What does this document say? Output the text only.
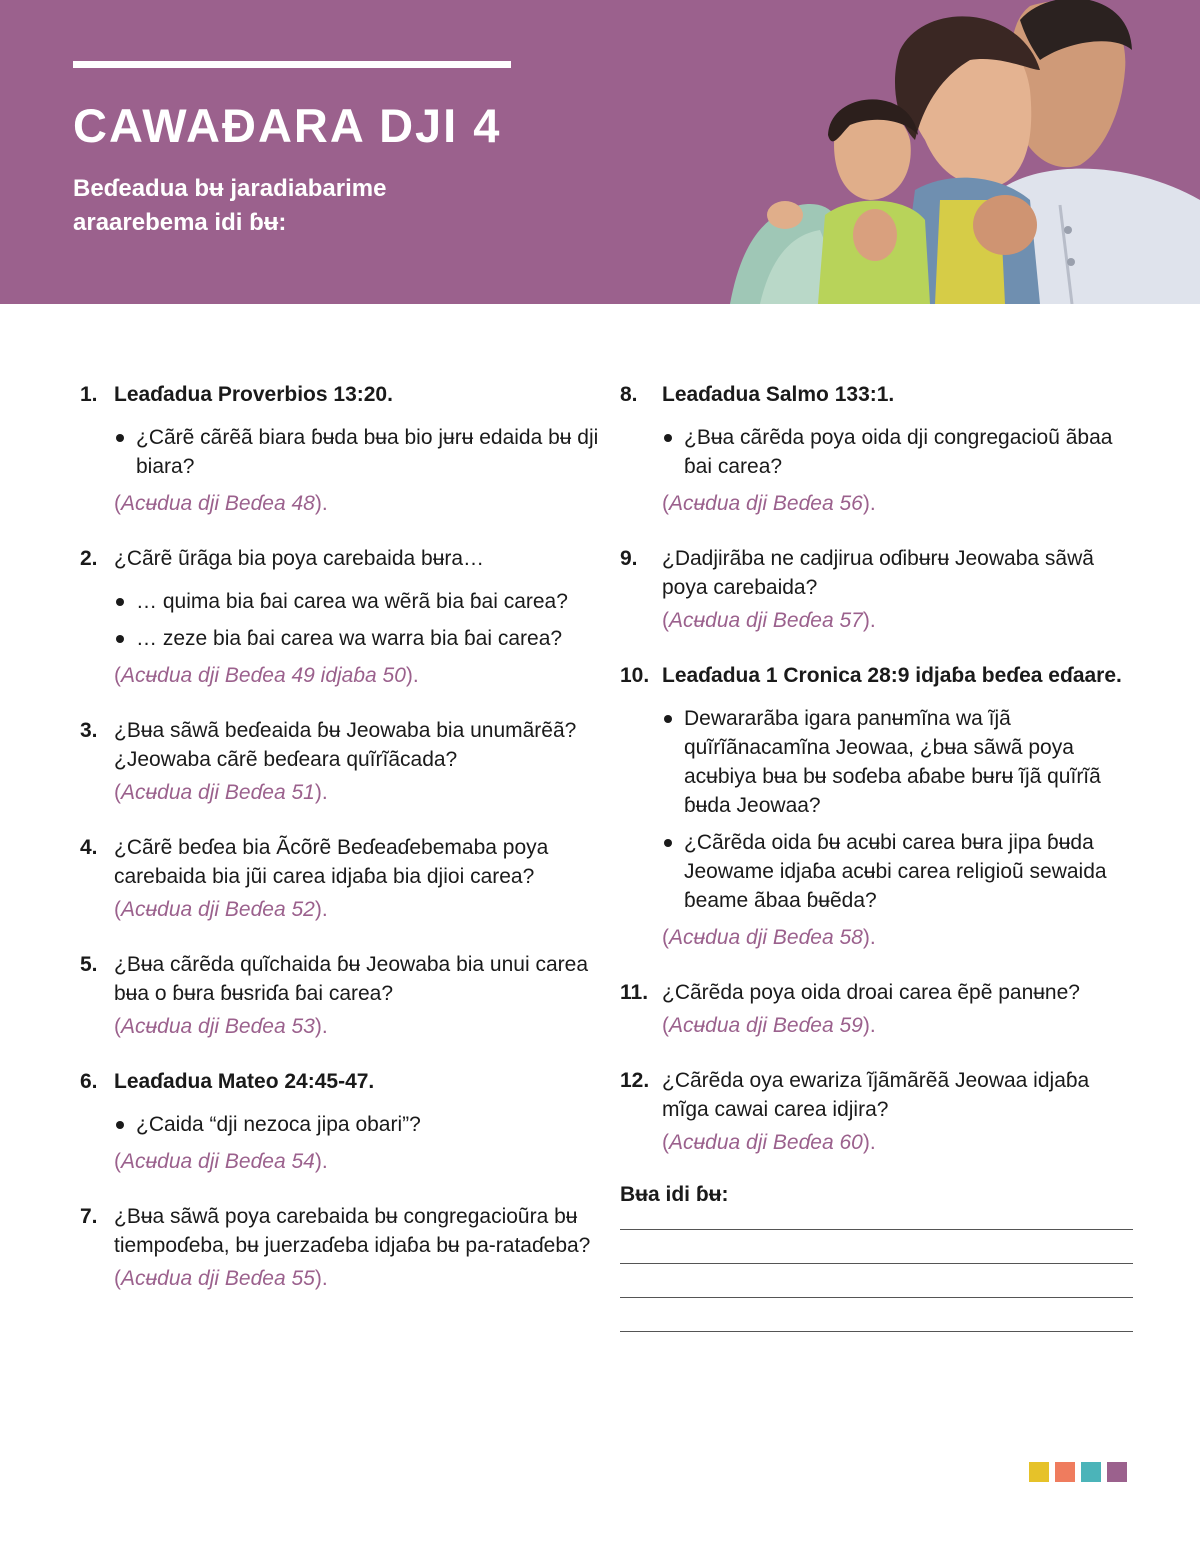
CAWAƉARA DJI 4

Beɗeadua bʉ jaradiabarime
araarebema idi ɓʉ:

1. Leaɗadua Proverbios 13:20.
¿Cãrẽ cãrẽã biara ɓʉda bʉa bio jʉrʉ edaida bʉ dji biara?
(Acʉdua dji Beɗea 48).
2. ¿Cãrẽ ũrãga bia poya carebaida bʉra…
… quima bia ɓai carea wa wẽrã bia ɓai carea?
… zeze bia ɓai carea wa warra bia ɓai carea?
(Acʉdua dji Beɗea 49 idjaɓa 50).
3. ¿Bʉa sãwã beɗeaida ɓʉ Jeowaba bia unumãrẽã? ¿Jeowaba cãrẽ beɗeara quĩrĩãcada?
(Acʉdua dji Beɗea 51).
4. ¿Cãrẽ beɗea bia Ãcõrẽ Beɗeaɗebemaba poya carebaida bia jũi carea idjaɓa bia djioi carea?
(Acʉdua dji Beɗea 52).
5. ¿Bʉa cãrẽda quĩchaida ɓʉ Jeowaba bia unui carea bʉa o ɓʉra ɓʉsriɗa ɓai carea?
(Acʉdua dji Beɗea 53).
6. Leaɗadua Mateo 24:45-47.
¿Caida “dji nezoca jipa obari”?
(Acʉdua dji Beɗea 54).
7. ¿Bʉa sãwã poya carebaida bʉ congregacioũra bʉ tiempoɗeba, bʉ juerzaɗeba idjaɓa bʉ pa-rataɗeba?
(Acʉdua dji Beɗea 55).
8. Leaɗadua Salmo 133:1.
¿Bʉa cãrẽda poya oida dji congregacioũ ãbaa ɓai carea?
(Acʉdua dji Beɗea 56).
9. ¿Dadjirãba ne cadjirua oɗibʉrʉ Jeowaba sãwã poya carebaida?
(Acʉdua dji Beɗea 57).
10. Leaɗadua 1 Cronica 28:9 idjaɓa beɗea eɗaare.
Dewararãba igara panʉmĩna wa ĩjã quĩrĩãnacamĩna Jeowaa, ¿bʉa sãwã poya acʉbiya bʉa bʉ soɗeba aɓabe bʉrʉ ĩjã quĩrĩã ɓʉda Jeowaa?
¿Cãrẽda oida ɓʉ acʉbi carea bʉra jipa ɓʉda Jeowame idjaɓa acʉbi carea religioũ sewaida ɓeame ãbaa ɓʉẽda?
(Acʉdua dji Beɗea 58).
11. ¿Cãrẽda poya oida droai carea ẽpẽ panʉne?
(Acʉdua dji Beɗea 59).
12. ¿Cãrẽda oya ewariza ĩjãmãrẽã Jeowaa idjaɓa mĩga cawai carea idjira?
(Acʉdua dji Beɗea 60).

Bʉa idi ɓʉ:
